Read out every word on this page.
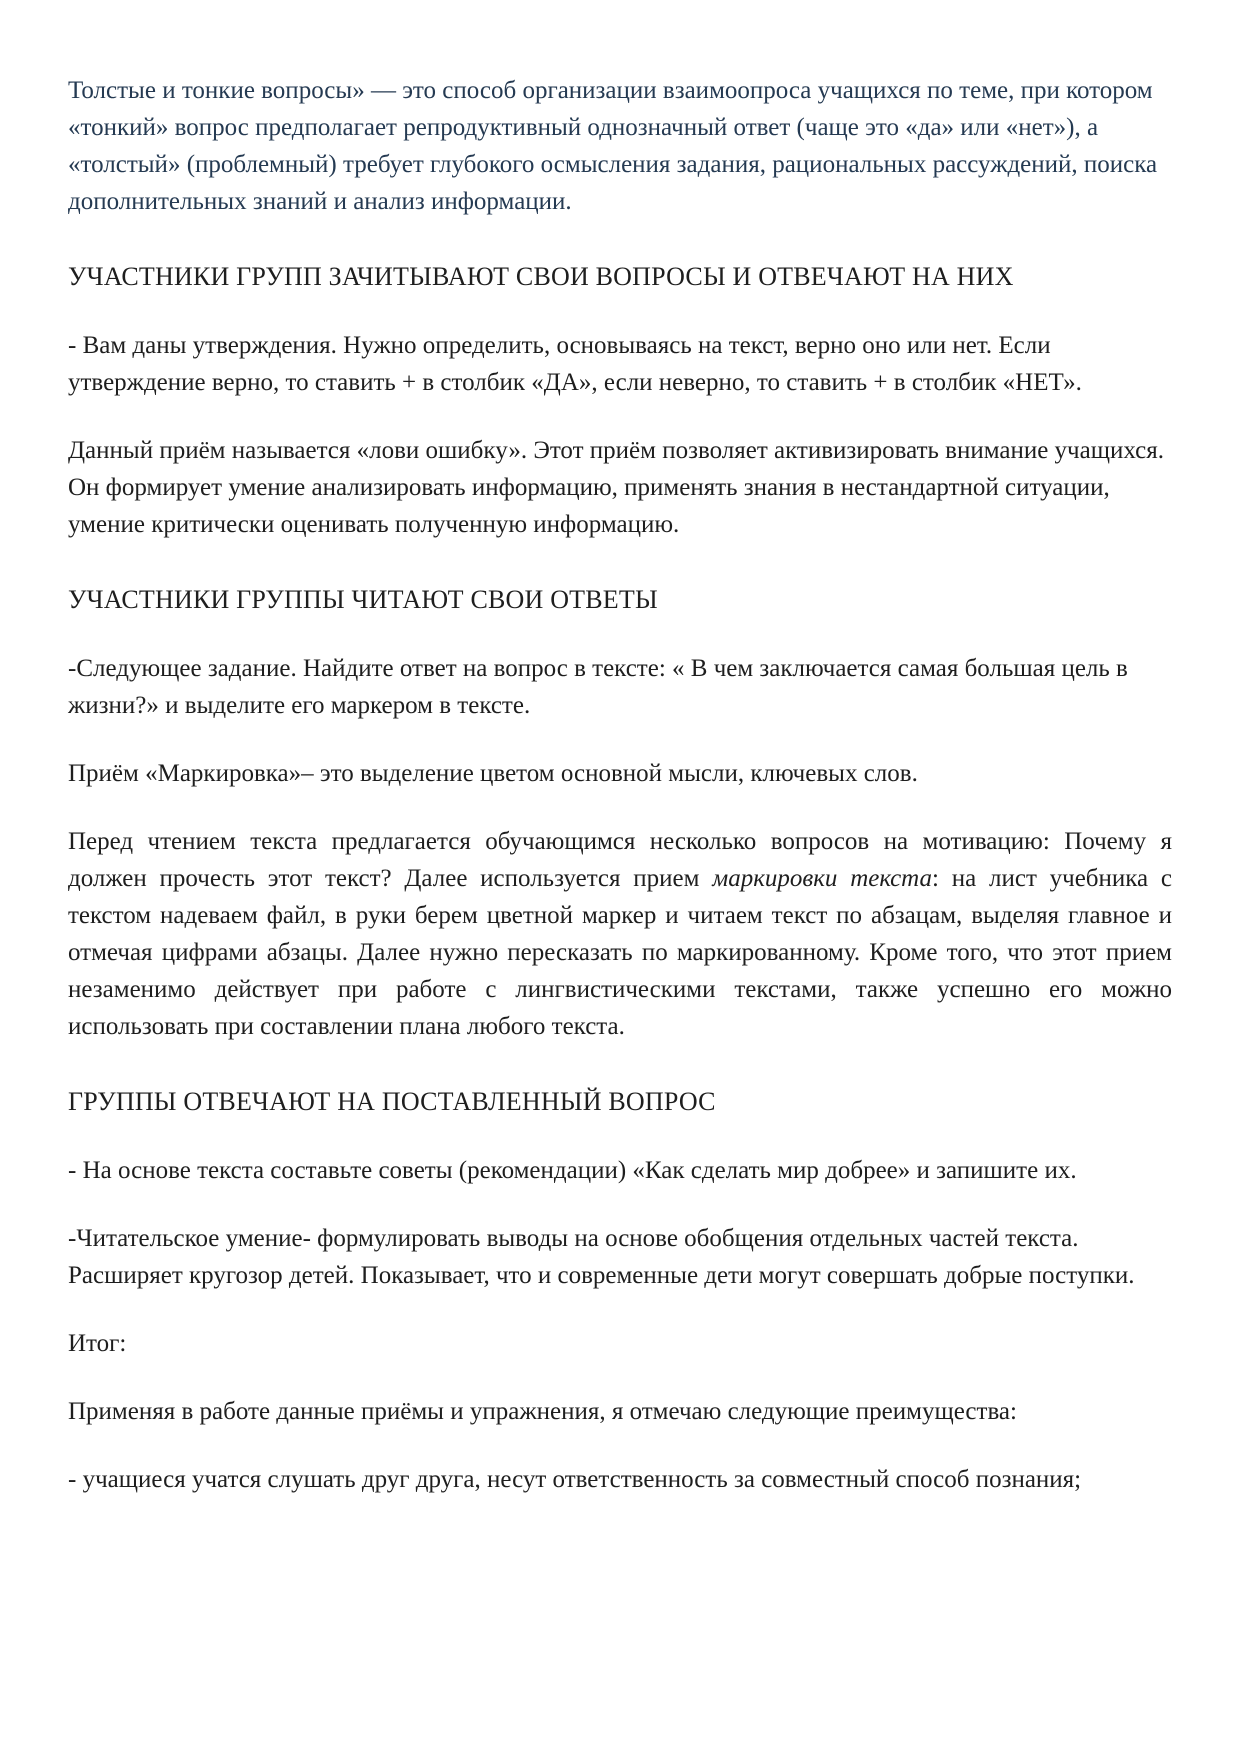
Толстые и тонкие вопросы» — это способ организации взаимоопроса учащихся по теме, при котором «тонкий» вопрос предполагает репродуктивный однозначный ответ (чаще это «да» или «нет»), а «толстый» (проблемный) требует глубокого осмысления задания, рациональных рассуждений, поиска дополнительных знаний и анализ информации.

УЧАСТНИКИ ГРУПП ЗАЧИТЫВАЮТ СВОИ ВОПРОСЫ И ОТВЕЧАЮТ НА НИХ

- Вам даны утверждения. Нужно определить, основываясь на текст, верно оно или нет. Если утверждение верно, то ставить + в столбик «ДА», если неверно, то ставить + в столбик «НЕТ».

Данный приём называется «лови ошибку». Этот приём позволяет активизировать внимание учащихся. Он формирует умение анализировать информацию, применять знания в нестандартной ситуации, умение критически оценивать полученную информацию.

УЧАСТНИКИ ГРУППЫ ЧИТАЮТ СВОИ ОТВЕТЫ

-Следующее задание. Найдите ответ на вопрос в тексте: « В чем заключается самая большая цель в жизни?» и выделите его маркером в тексте.

Приём «Маркировка»– это выделение цветом основной мысли, ключевых слов.

Перед чтением текста предлагается обучающимся несколько вопросов на мотивацию: Почему я должен прочесть этот текст? Далее используется прием маркировки текста: на лист учебника с текстом надеваем файл, в руки берем цветной маркер и читаем текст по абзацам, выделяя главное и отмечая цифрами абзацы. Далее нужно пересказать по маркированному. Кроме того, что этот прием незаменимо действует при работе с лингвистическими текстами, также успешно его можно использовать при составлении плана любого текста.

ГРУППЫ ОТВЕЧАЮТ НА ПОСТАВЛЕННЫЙ ВОПРОС

- На основе текста составьте советы (рекомендации) «Как сделать мир добрее» и запишите их.

-Читательское умение- формулировать выводы на основе обобщения отдельных частей текста. Расширяет кругозор детей. Показывает, что и современные дети могут совершать добрые поступки.

Итог:

Применяя в работе данные приёмы и упражнения, я отмечаю следующие преимущества:

- учащиеся учатся слушать друг друга, несут ответственность за совместный способ познания;
